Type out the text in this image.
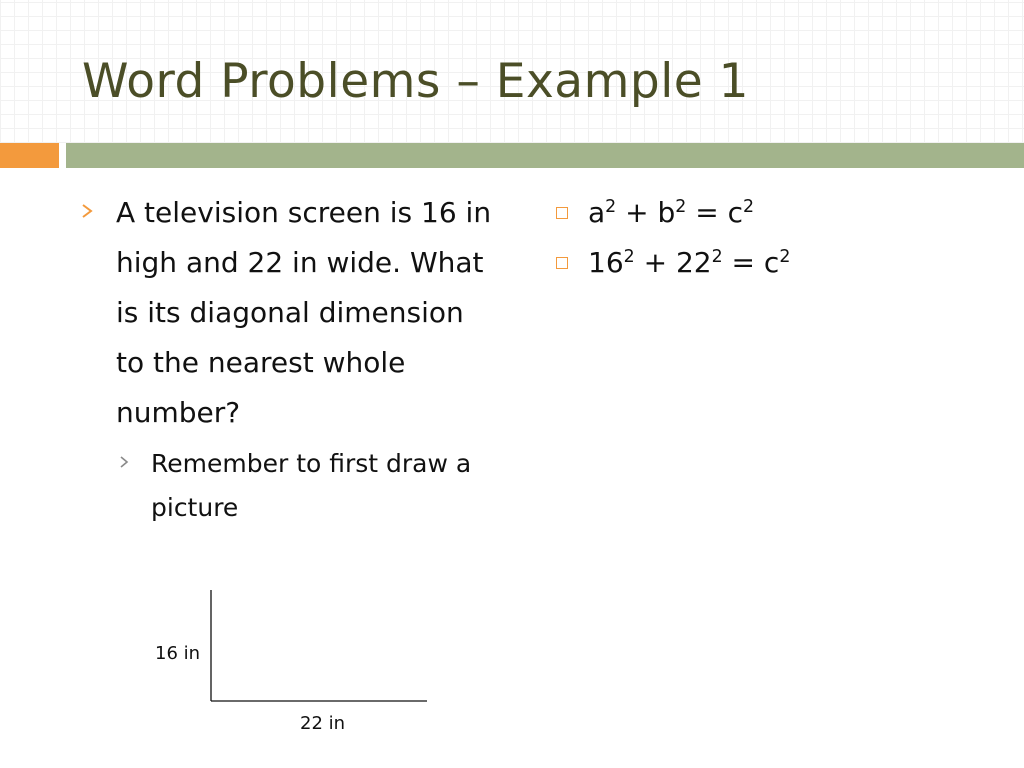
Word Problems – Example 1
A television screen is 16 in high and 22 in wide. What is its diagonal dimension to the nearest whole number?
Remember to first draw a picture
$a^2 + b^2 = c^2$
$16^2 + 22^2 = c^2$
16 in
22 in
